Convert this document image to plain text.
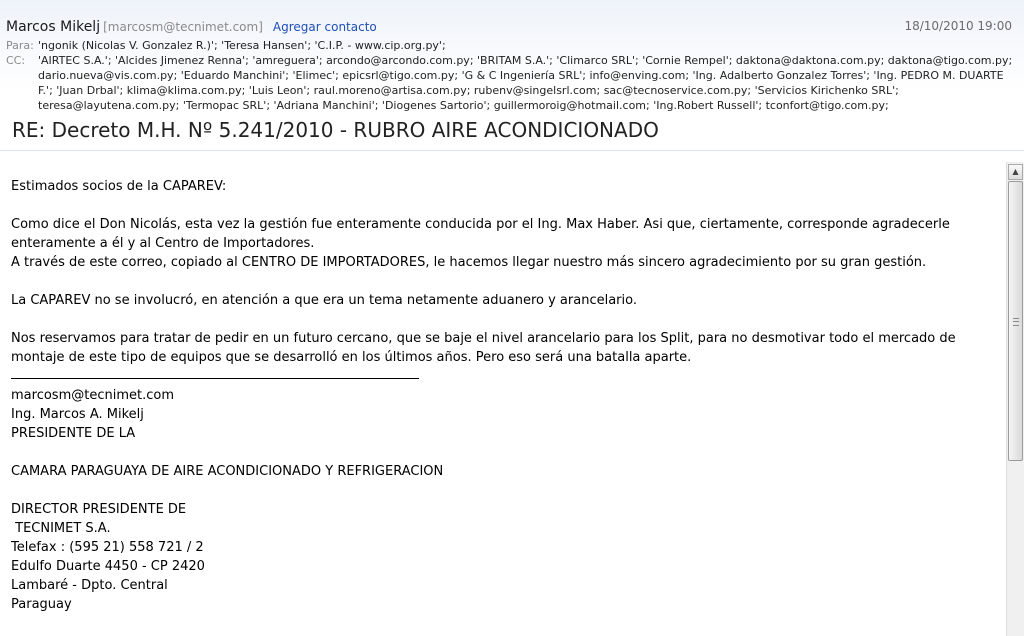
Marcos Mikelj [marcosm@tecnimet.com] Agregar contacto	18/10/2010 19:00
Para: 'ngonik (Nicolas V. Gonzalez R.)'; 'Teresa Hansen'; 'C.I.P. - www.cip.org.py';
CC: 'AIRTEC S.A.'; 'Alcides Jimenez Renna'; 'amreguera'; arcondo@arcondo.com.py; 'BRITAM S.A.'; 'Climarco SRL'; 'Cornie Rempel'; daktona@daktona.com.py; daktona@tigo.com.py; dario.nueva@vis.com.py; 'Eduardo Manchini'; 'Elimec'; epicsrl@tigo.com.py; 'G & C Ingeniería SRL'; info@enving.com; 'Ing. Adalberto Gonzalez Torres'; 'Ing. PEDRO M. DUARTE F.'; 'Juan Drbal'; klima@klima.com.py; 'Luis Leon'; raul.moreno@artisa.com.py; rubenv@singelsrl.com; sac@tecnoservice.com.py; 'Servicios Kirichenko SRL'; teresa@layutena.com.py; 'Termopac SRL'; 'Adriana Manchini'; 'Diogenes Sartorio'; guillermoroig@hotmail.com; 'Ing.Robert Russell'; tconfort@tigo.com.py;
RE: Decreto M.H. Nº 5.241/2010 - RUBRO AIRE ACONDICIONADO

Estimados socios de la CAPAREV:

Como dice el Don Nicolás, esta vez la gestión fue enteramente conducida por el Ing. Max Haber. Asi que, ciertamente, corresponde agradecerle enteramente a él y al Centro de Importadores.

A través de este correo, copiado al CENTRO DE IMPORTADORES, le hacemos llegar nuestro más sincero agradecimiento por su gran gestión.

La CAPAREV no se involucró, en atención a que era un tema netamente aduanero y arancelario.

Nos reservamos para tratar de pedir en un futuro cercano, que se baje el nivel arancelario para los Split, para no desmotivar todo el mercado de montaje de este tipo de equipos que se desarrolló en los últimos años. Pero eso será una batalla aparte.

marcosm@tecnimet.com

Ing. Marcos A. Mikelj

PRESIDENTE DE LA

CAMARA PARAGUAYA DE AIRE ACONDICIONADO Y REFRIGERACION

DIRECTOR PRESIDENTE DE

TECNIMET S.A.

Telefax : (595 21) 558 721 / 2

Edulfo Duarte 4450 - CP 2420

Lambaré - Dpto. Central

Paraguay

▲
